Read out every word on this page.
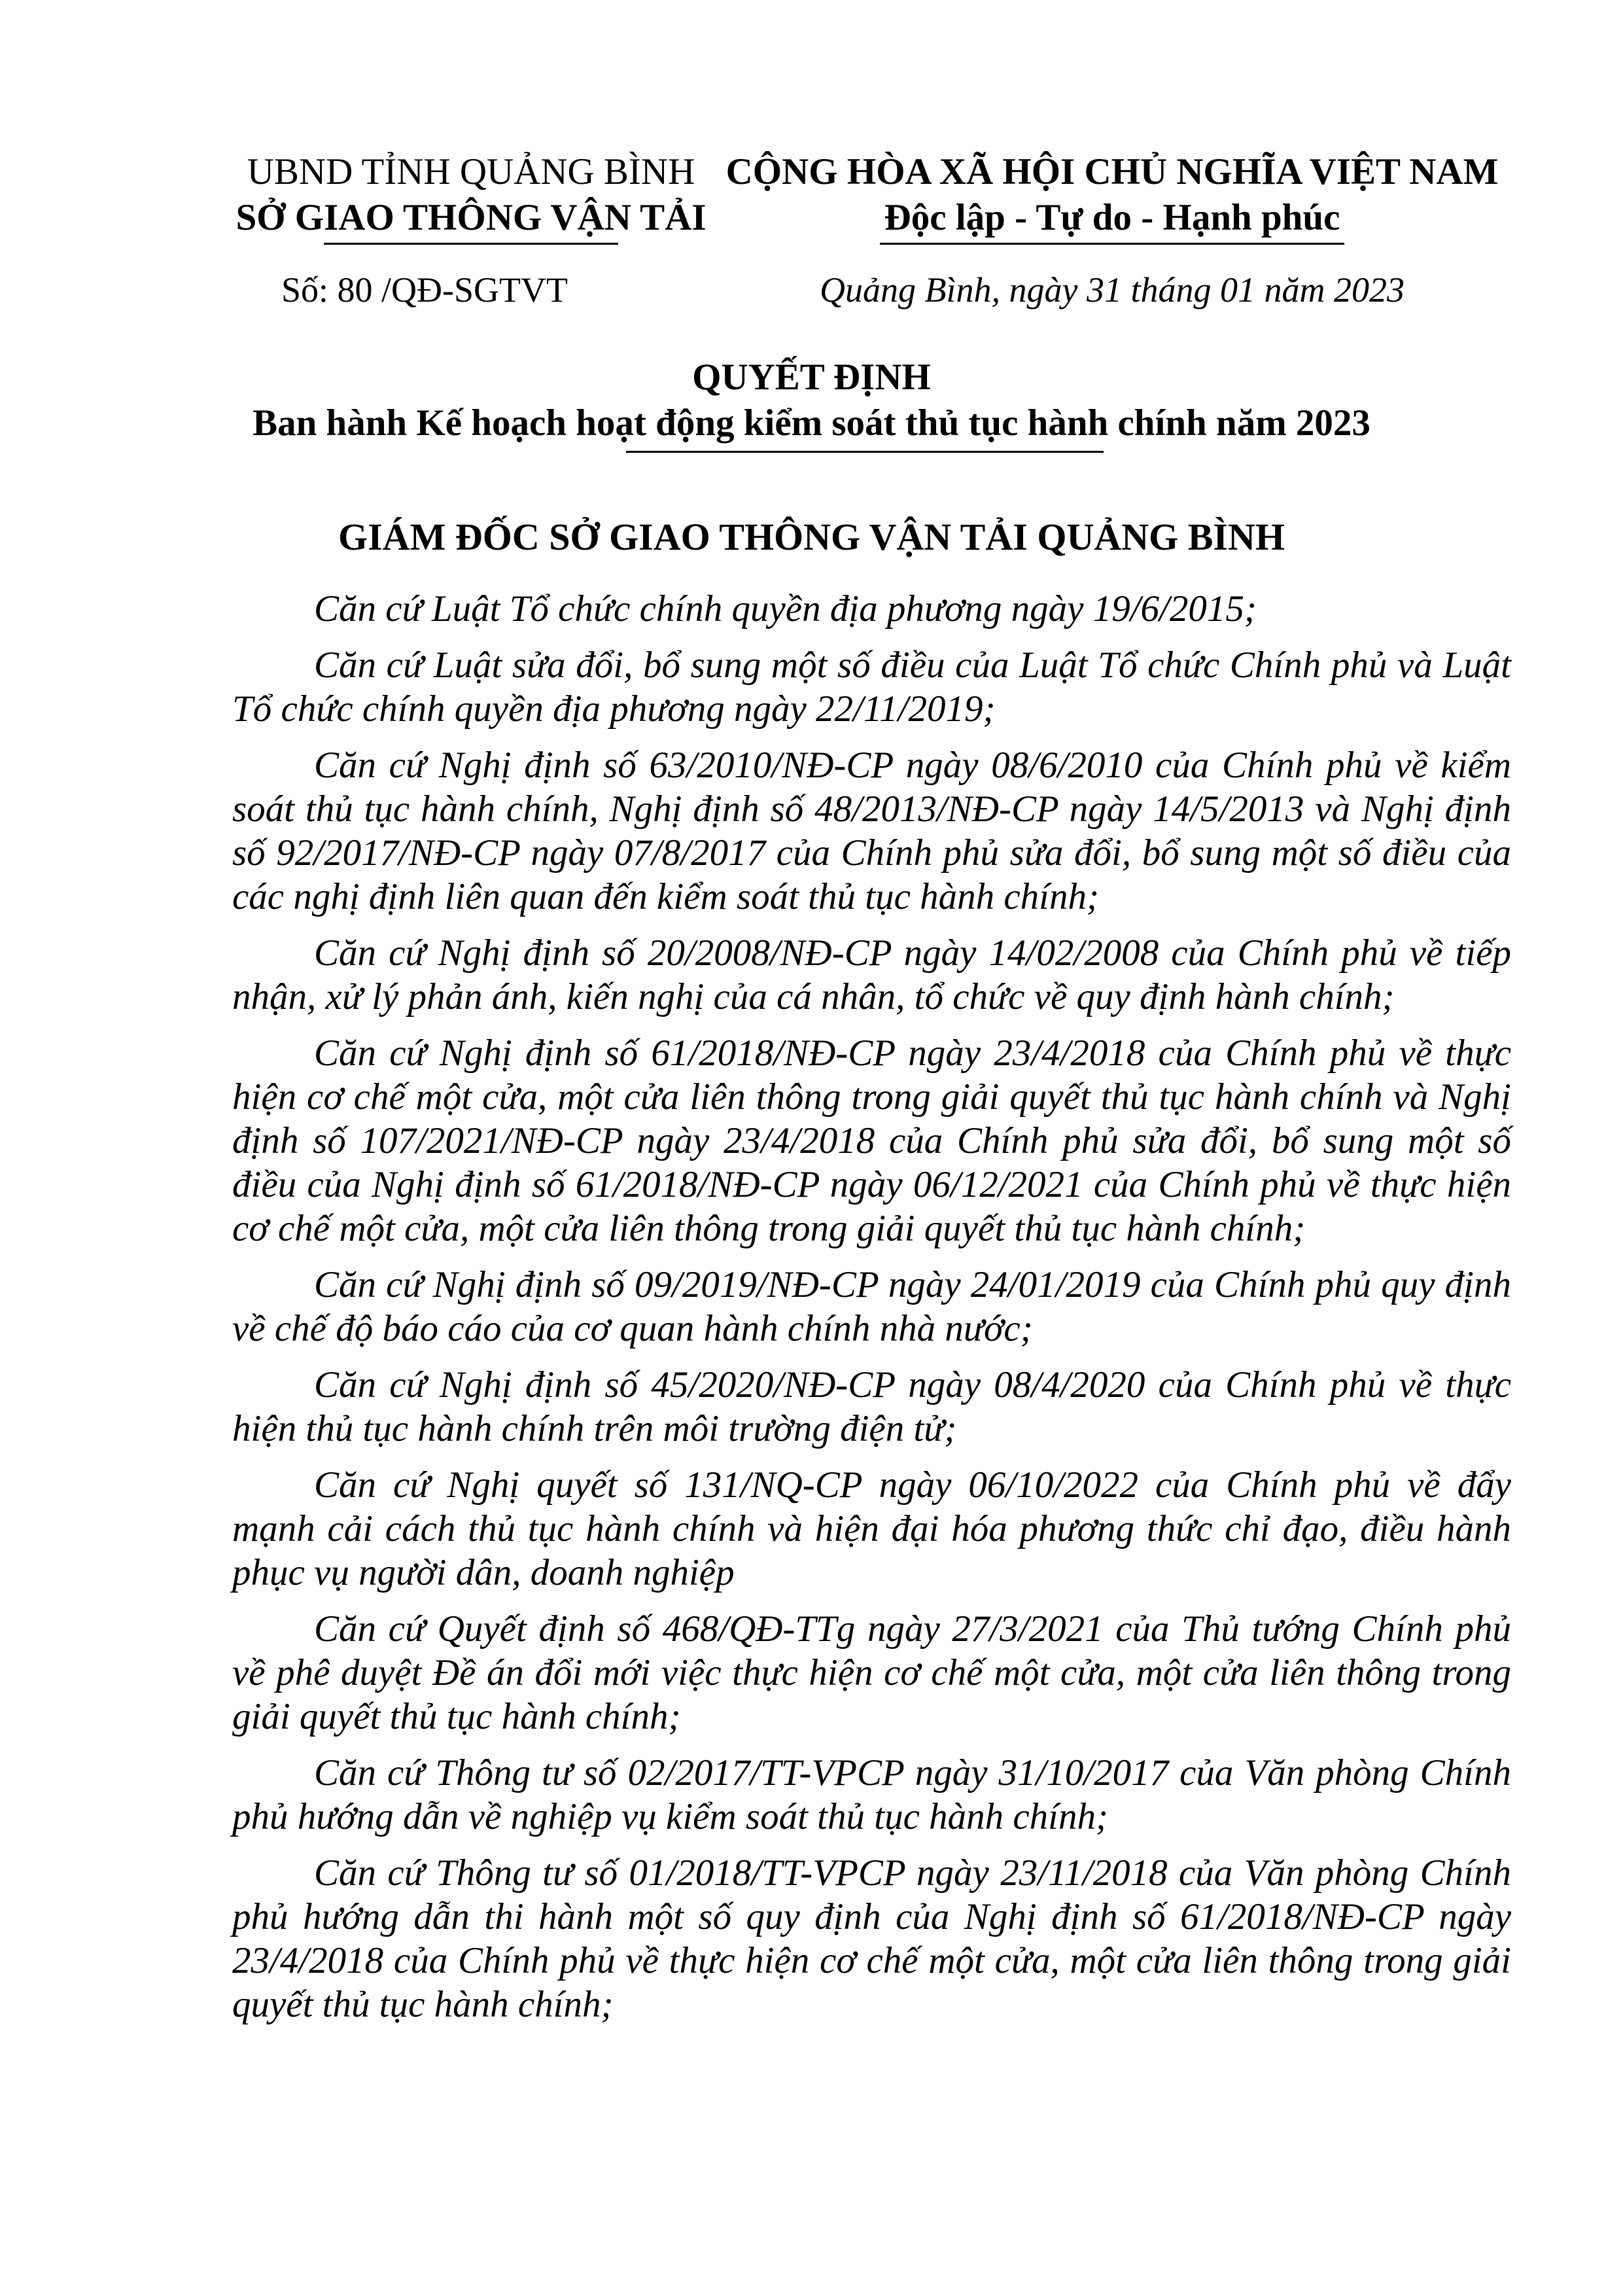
UBND TỈNH QUẢNG BÌNH
SỞ GIAO THÔNG VẬN TẢI
CỘNG HÒA XÃ HỘI CHỦ NGHĨA VIỆT NAM
Độc lập - Tự do - Hạnh phúc
Số: 80 /QĐ-SGTVT	Quảng Bình, ngày 31 tháng 01 năm 2023
QUYẾT ĐỊNH
Ban hành Kế hoạch hoạt động kiểm soát thủ tục hành chính năm 2023
GIÁM ĐỐC SỞ GIAO THÔNG VẬN TẢI QUẢNG BÌNH

Căn cứ Luật Tổ chức chính quyền địa phương ngày 19/6/2015;

Căn cứ Luật sửa đổi, bổ sung một số điều của Luật Tổ chức Chính phủ và Luật Tổ chức chính quyền địa phương ngày 22/11/2019;

Căn cứ Nghị định số 63/2010/NĐ-CP ngày 08/6/2010 của Chính phủ về kiểm soát thủ tục hành chính, Nghị định số 48/2013/NĐ-CP ngày 14/5/2013 và Nghị định số 92/2017/NĐ-CP ngày 07/8/2017 của Chính phủ sửa đổi, bổ sung một số điều của các nghị định liên quan đến kiểm soát thủ tục hành chính;

Căn cứ Nghị định số 20/2008/NĐ-CP ngày 14/02/2008 của Chính phủ về tiếp nhận, xử lý phản ánh, kiến nghị của cá nhân, tổ chức về quy định hành chính;

Căn cứ Nghị định số 61/2018/NĐ-CP ngày 23/4/2018 của Chính phủ về thực hiện cơ chế một cửa, một cửa liên thông trong giải quyết thủ tục hành chính và Nghị định số 107/2021/NĐ-CP ngày 23/4/2018 của Chính phủ sửa đổi, bổ sung một số điều của Nghị định số 61/2018/NĐ-CP ngày 06/12/2021 của Chính phủ về thực hiện cơ chế một cửa, một cửa liên thông trong giải quyết thủ tục hành chính;

Căn cứ Nghị định số 09/2019/NĐ-CP ngày 24/01/2019 của Chính phủ quy định về chế độ báo cáo của cơ quan hành chính nhà nước;

Căn cứ Nghị định số 45/2020/NĐ-CP ngày 08/4/2020 của Chính phủ về thực hiện thủ tục hành chính trên môi trường điện tử;

Căn cứ Nghị quyết số 131/NQ-CP ngày 06/10/2022 của Chính phủ về đẩy mạnh cải cách thủ tục hành chính và hiện đại hóa phương thức chỉ đạo, điều hành phục vụ người dân, doanh nghiệp

Căn cứ Quyết định số 468/QĐ-TTg ngày 27/3/2021 của Thủ tướng Chính phủ về phê duyệt Đề án đổi mới việc thực hiện cơ chế một cửa, một cửa liên thông trong giải quyết thủ tục hành chính;

Căn cứ Thông tư số 02/2017/TT-VPCP ngày 31/10/2017 của Văn phòng Chính phủ hướng dẫn về nghiệp vụ kiểm soát thủ tục hành chính;

Căn cứ Thông tư số 01/2018/TT-VPCP ngày 23/11/2018 của Văn phòng Chính phủ hướng dẫn thi hành một số quy định của Nghị định số 61/2018/NĐ-CP ngày 23/4/2018 của Chính phủ về thực hiện cơ chế một cửa, một cửa liên thông trong giải quyết thủ tục hành chính;
